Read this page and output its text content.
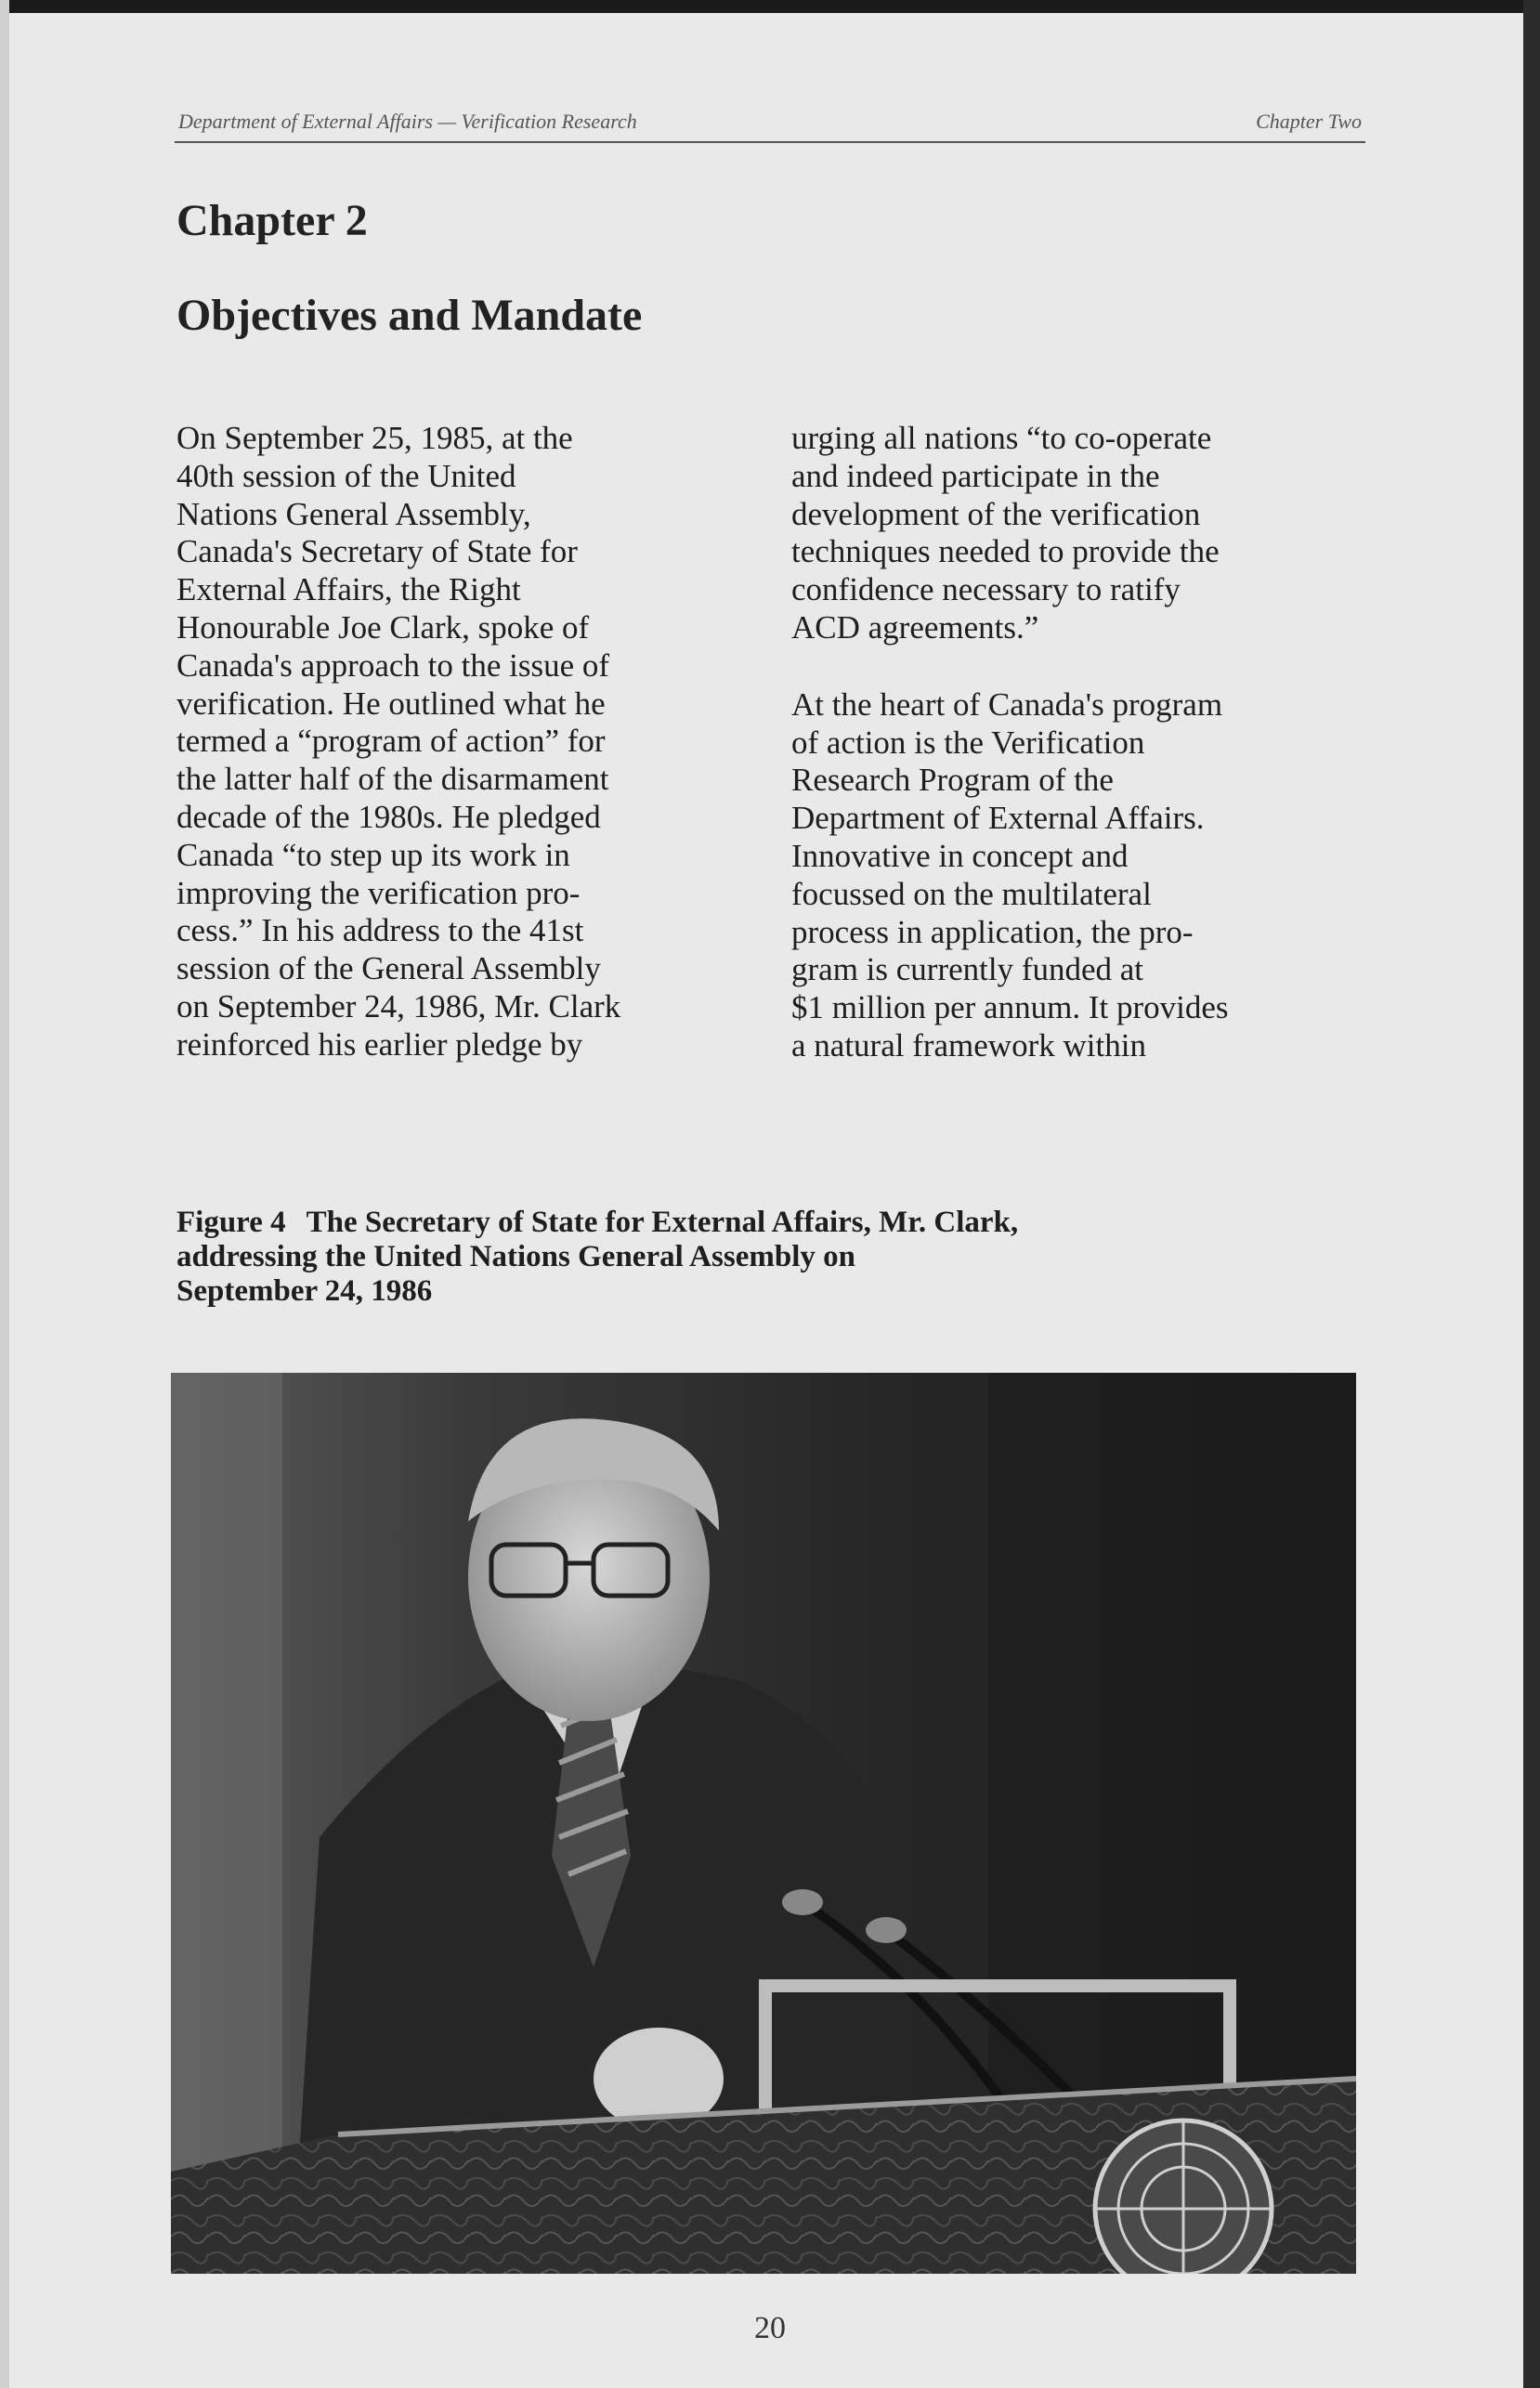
Department of External Affairs — Verification Research	Chapter Two
Chapter 2
Objectives and Mandate

On September 25, 1985, at the
40th session of the United
Nations General Assembly,
Canada's Secretary of State for
External Affairs, the Right
Honourable Joe Clark, spoke of
Canada's approach to the issue of
verification. He outlined what he
termed a “program of action” for
the latter half of the disarmament
decade of the 1980s. He pledged
Canada “to step up its work in
improving the verification pro-
cess.” In his address to the 41st
session of the General Assembly
on September 24, 1986, Mr. Clark
reinforced his earlier pledge by

urging all nations “to co-operate
and indeed participate in the
development of the verification
techniques needed to provide the
confidence necessary to ratify
ACD agreements.”

At the heart of Canada's program
of action is the Verification
Research Program of the
Department of External Affairs.
Innovative in concept and
focussed on the multilateral
process in application, the pro-
gram is currently funded at
$1 million per annum. It provides
a natural framework within

Figure 4 The Secretary of State for External Affairs, Mr. Clark,
addressing the United Nations General Assembly on
September 24, 1986
20
